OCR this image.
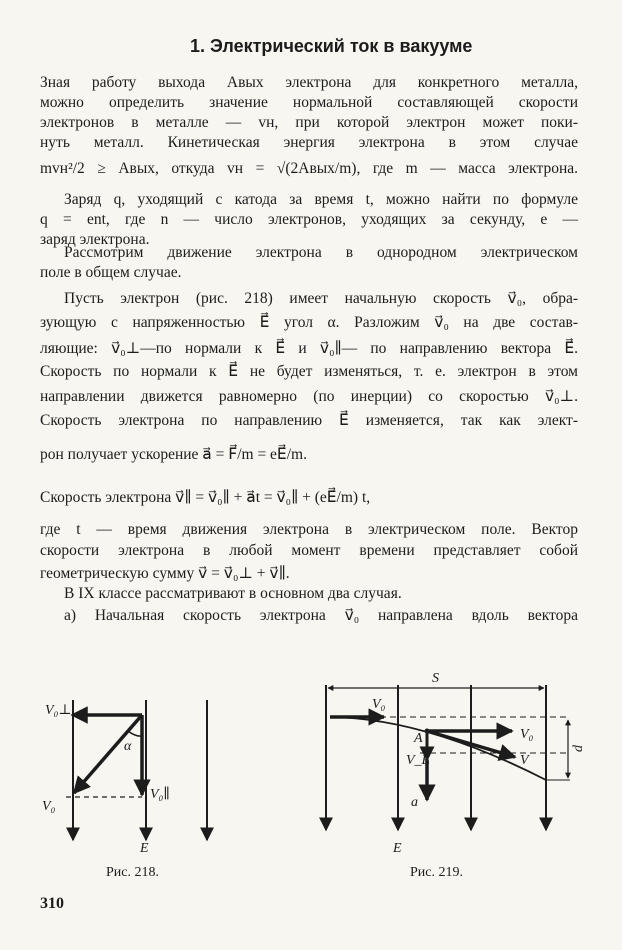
1. Электрический ток в вакууме
Зная работу выхода Aвых электрона для конкретного металла,
можно определить значение нормальной составляющей скорости
электронов в металле — vн, при которой электрон может поки-
нуть металл. Кинетическая энергия электрона в этом случае
mvн²/2 ≥ Aвых, откуда vн = √(2Aвых/m), где m — масса электрона.
Заряд q, уходящий с катода за время t, можно найти по формуле
q = ent, где n — число электронов, уходящих за секунду, e —
заряд электрона.
Рассмотрим движение электрона в однородном электрическом
поле в общем случае.
Пусть электрон (рис. 218) имеет начальную скорость v⃗₀, обра-
зующую с напряженностью E⃗ угол α. Разложим v⃗₀ на две состав-
ляющие: v⃗₀⊥—по нормали к E⃗ и v⃗₀∥— по направлению вектора E⃗.
Скорость по нормали к E⃗ не будет изменяться, т. е. электрон в этом
направлении движется равномерно (по инерции) со скоростью v⃗₀⊥.
Скорость электрона по направлению E⃗ изменяется, так как элект-
рон получает ускорение a⃗ = F⃗/m = eE⃗/m.
Скорость электрона v⃗∥ = v⃗₀∥ + a⃗t = v⃗₀∥ + (eE⃗/m) t,
где t — время движения электрона в электрическом поле. Вектор
скорости электрона в любой момент времени представляет собой
геометрическую сумму v⃗ = v⃗₀⊥ + v⃗∥.
В IX классе рассматривают в основном два случая.
а) Начальная скорость электрона v⃗₀ направлена вдоль вектора
V₀⊥
V₀
V₀∥
α
E
S
d
V₀
A	V₀
V
V_E
a
E
Рис. 218.	Рис. 219.
310
